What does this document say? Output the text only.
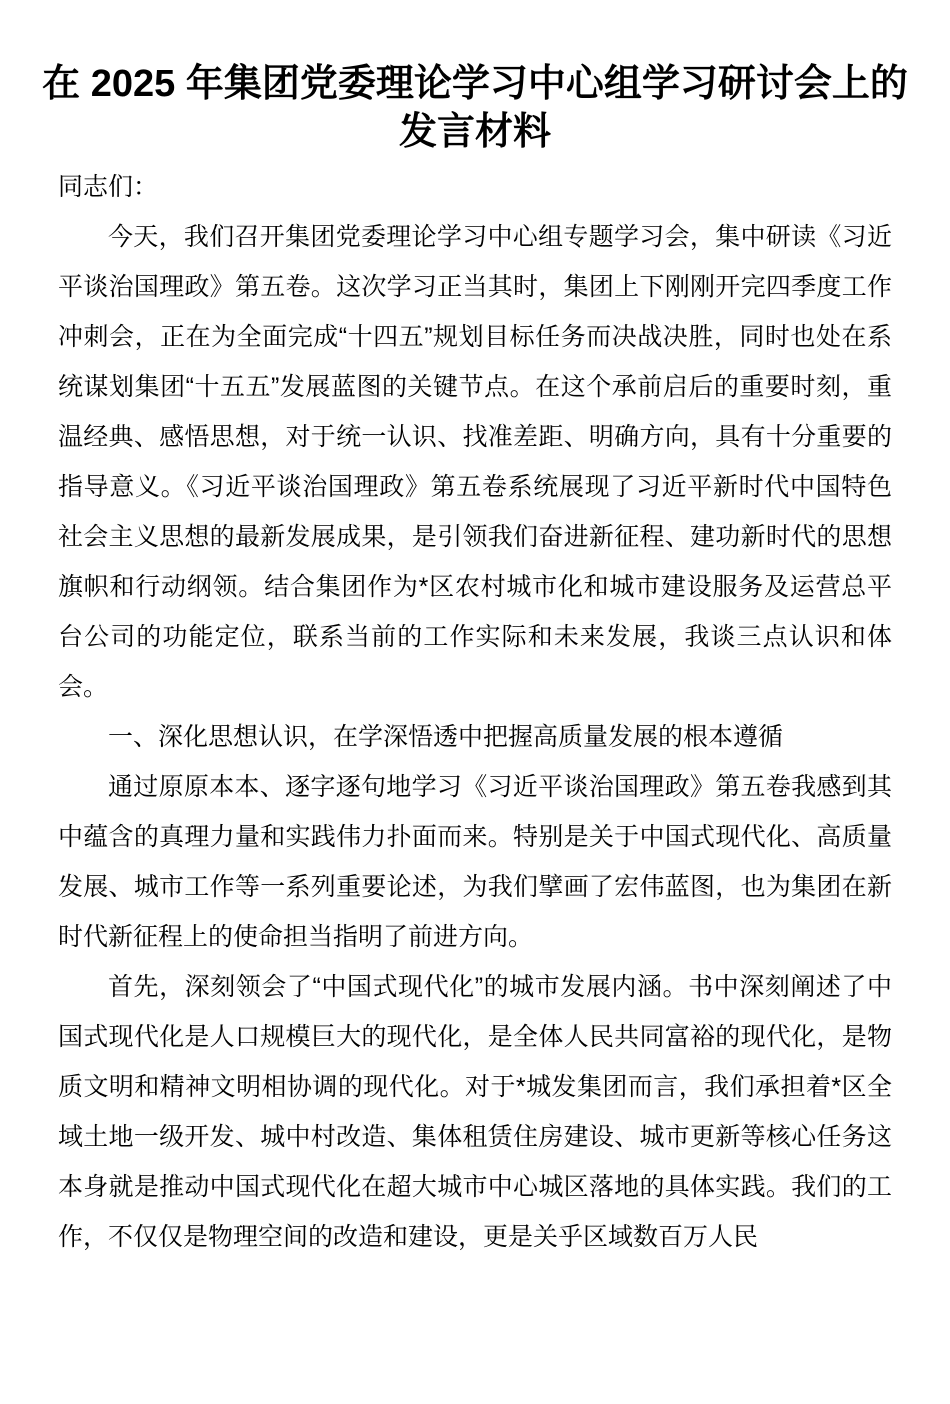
在 2025 年集团党委理论学习中心组学习研讨会上的
发言材料

同志们：

今天，我们召开集团党委理论学习中心组专题学习会，集中研读《习近平谈治国理政》第五卷。这次学习正当其时，集团上下刚刚开完四季度工作冲刺会，正在为全面完成“十四五”规划目标任务而决战决胜，同时也处在系统谋划集团“十五五”发展蓝图的关键节点。在这个承前启后的重要时刻，重温经典、感悟思想，对于统一认识、找准差距、明确方向，具有十分重要的指导意义。《习近平谈治国理政》第五卷系统展现了习近平新时代中国特色社会主义思想的最新发展成果，是引领我们奋进新征程、建功新时代的思想旗帜和行动纲领。结合集团作为*区农村城市化和城市建设服务及运营总平台公司的功能定位，联系当前的工作实际和未来发展，我谈三点认识和体会。

一、深化思想认识，在学深悟透中把握高质量发展的根本遵循

通过原原本本、逐字逐句地学习《习近平谈治国理政》第五卷我感到其中蕴含的真理力量和实践伟力扑面而来。特别是关于中国式现代化、高质量发展、城市工作等一系列重要论述，为我们擘画了宏伟蓝图，也为集团在新时代新征程上的使命担当指明了前进方向。

首先，深刻领会了“中国式现代化”的城市发展内涵。书中深刻阐述了中国式现代化是人口规模巨大的现代化，是全体人民共同富裕的现代化，是物质文明和精神文明相协调的现代化。对于*城发集团而言，我们承担着*区全域土地一级开发、城中村改造、集体租赁住房建设、城市更新等核心任务这本身就是推动中国式现代化在超大城市中心城区落地的具体实践。我们的工作，不仅仅是物理空间的改造和建设，更是关乎区域数百万人民
